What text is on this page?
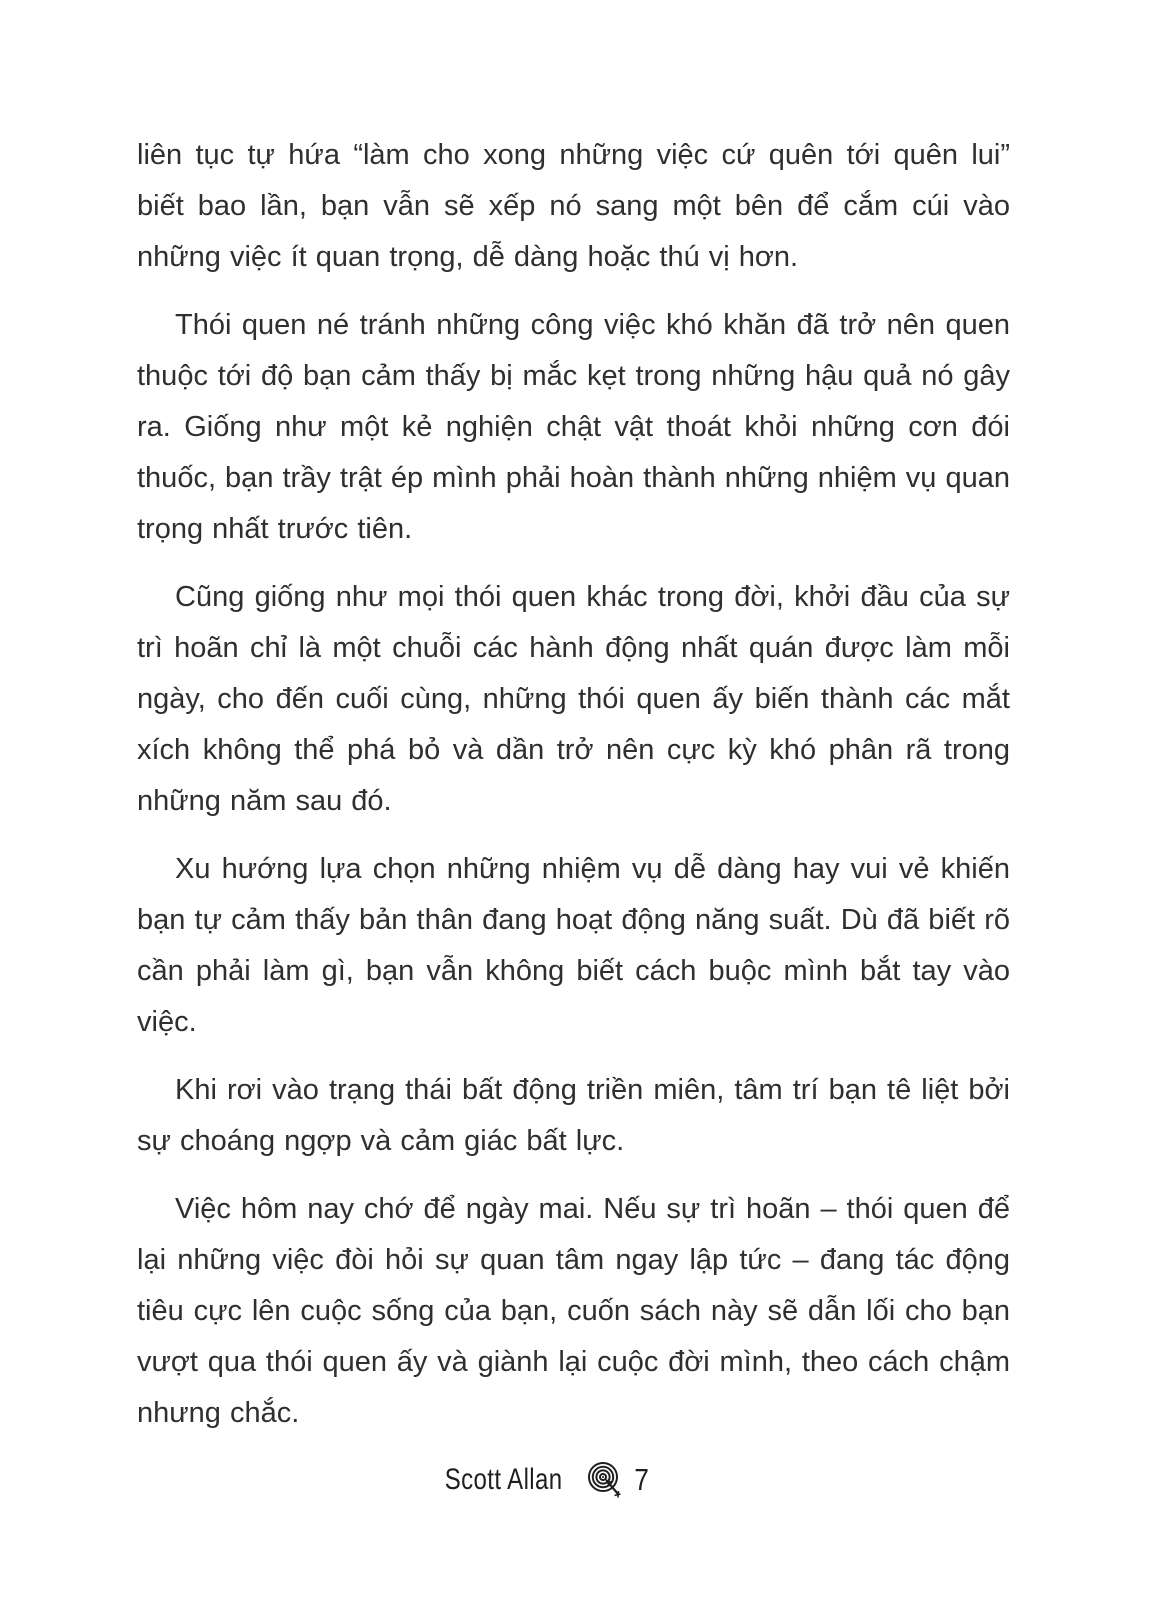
liên tục tự hứa “làm cho xong những việc cứ quên tới quên lui” biết bao lần, bạn vẫn sẽ xếp nó sang một bên để cắm cúi vào những việc ít quan trọng, dễ dàng hoặc thú vị hơn.

Thói quen né tránh những công việc khó khăn đã trở nên quen thuộc tới độ bạn cảm thấy bị mắc kẹt trong những hậu quả nó gây ra. Giống như một kẻ nghiện chật vật thoát khỏi những cơn đói thuốc, bạn trầy trật ép mình phải hoàn thành những nhiệm vụ quan trọng nhất trước tiên.

Cũng giống như mọi thói quen khác trong đời, khởi đầu của sự trì hoãn chỉ là một chuỗi các hành động nhất quán được làm mỗi ngày, cho đến cuối cùng, những thói quen ấy biến thành các mắt xích không thể phá bỏ và dần trở nên cực kỳ khó phân rã trong những năm sau đó.

Xu hướng lựa chọn những nhiệm vụ dễ dàng hay vui vẻ khiến bạn tự cảm thấy bản thân đang hoạt động năng suất. Dù đã biết rõ cần phải làm gì, bạn vẫn không biết cách buộc mình bắt tay vào việc.

Khi rơi vào trạng thái bất động triền miên, tâm trí bạn tê liệt bởi sự choáng ngợp và cảm giác bất lực.

Việc hôm nay chớ để ngày mai. Nếu sự trì hoãn – thói quen để lại những việc đòi hỏi sự quan tâm ngay lập tức – đang tác động tiêu cực lên cuộc sống của bạn, cuốn sách này sẽ dẫn lối cho bạn vượt qua thói quen ấy và giành lại cuộc đời mình, theo cách chậm nhưng chắc.

Scott Allan 7
